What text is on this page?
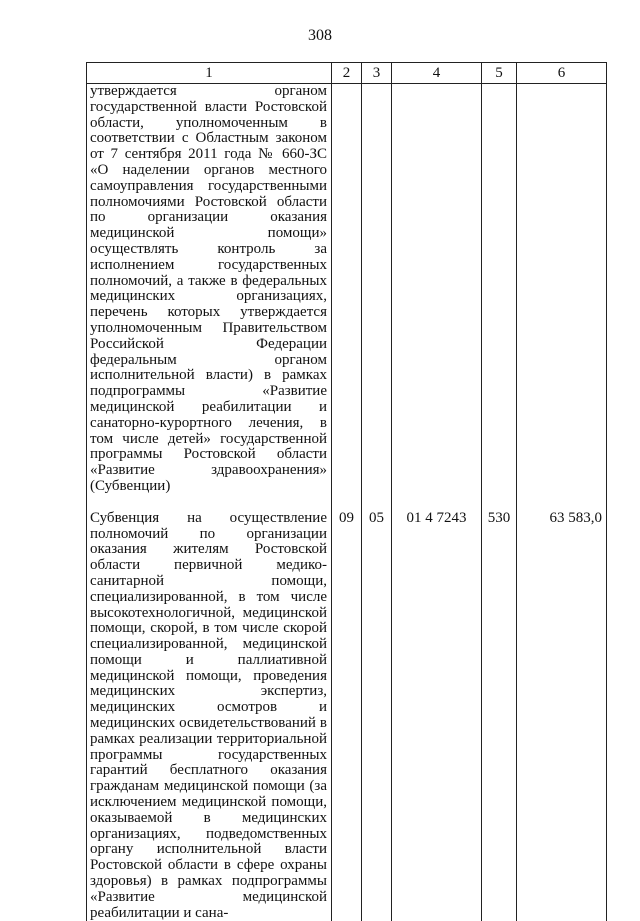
308
1	2	3	4	5	6
утверждается органом государственной власти Ростовской области, уполномоченным в соответствии с Областным законом от 7 сентября 2011 года № 660-ЗС «О наделении органов местного самоуправления государственными полномочиями Ростовской области по организации оказания медицинской помощи» осуществлять контроль за исполнением государственных полномочий, а также в федеральных медицинских организациях, перечень которых утверждается уполномоченным Правительством Российской Федерации федеральным органом исполнительной власти) в рамках подпрограммы «Развитие медицинской реабилитации и санаторно-курортного лечения, в том числе детей» государственной программы Ростовской области «Развитие здравоохранения» (Субвенции)					

Субвенция на осуществление полномочий по организации оказания жителям Ростовской области первичной медико-санитарной помощи, специализированной, в том числе высокотехнологичной, медицинской помощи, скорой, в том числе скорой специализированной, медицинской помощи и паллиативной медицинской помощи, проведения медицинских экспертиз, медицинских осмотров и медицинских освидетельствований в рамках реализации территориальной программы государственных гарантий бесплатного оказания гражданам медицинской помощи (за исключением медицинской помощи, оказываемой в медицинских организациях, подведомственных органу исполнительной власти Ростовской области в сфере охраны здоровья) в рамках подпрограммы «Развитие медицинской реабилитации и сана-	09	05	01 4 7243	530	63 583,0
